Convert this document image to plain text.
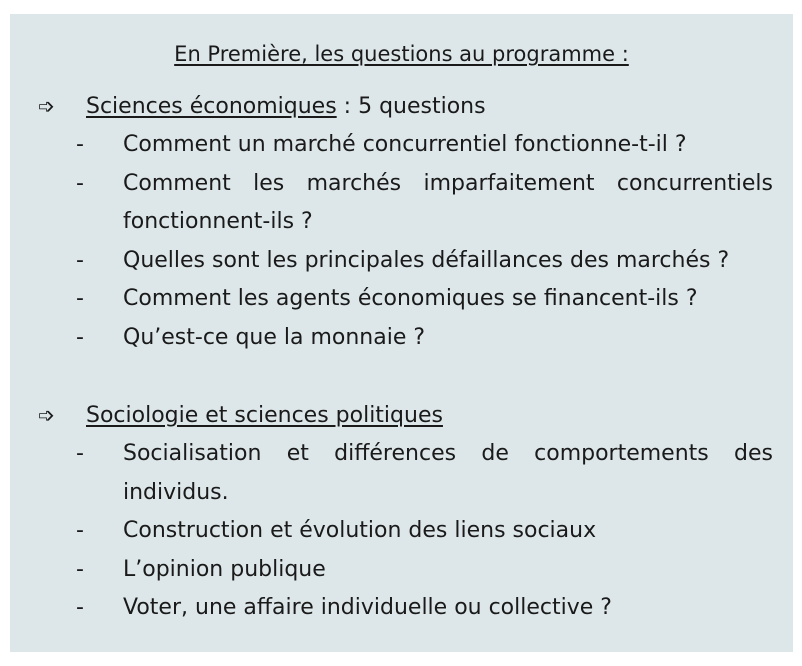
En Première, les questions au programme :
➩ Sciences économiques : 5 questions
- Comment un marché concurrentiel fonctionne-t-il ?
- Comment les marchés imparfaitement concurrentiels fonctionnent-ils ?
- Quelles sont les principales défaillances des marchés ?
- Comment les agents économiques se financent-ils ?
- Qu’est-ce que la monnaie ?
➩ Sociologie et sciences politiques
- Socialisation et différences de comportements des individus.
- Construction et évolution des liens sociaux
- L’opinion publique
- Voter, une affaire individuelle ou collective ?
